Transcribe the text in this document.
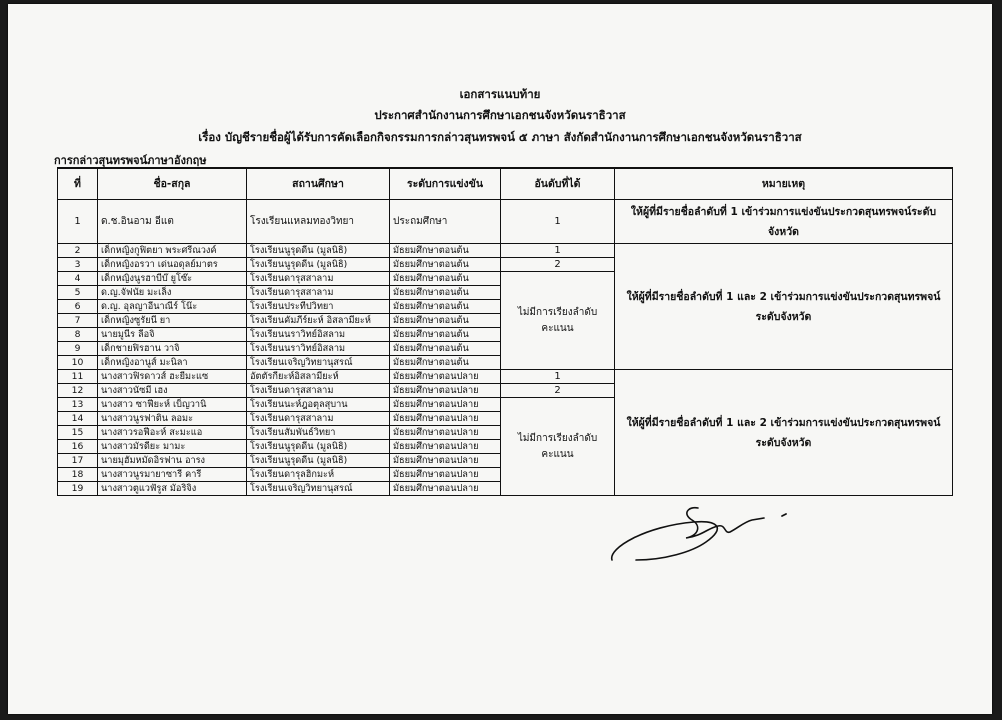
เอกสารแนบท้าย
ประกาศสำนักงานการศึกษาเอกชนจังหวัดนราธิวาส
เรื่อง บัญชีรายชื่อผู้ได้รับการคัดเลือกกิจกรรมการกล่าวสุนทรพจน์ ๕ ภาษา สังกัดสำนักงานการศึกษาเอกชนจังหวัดนราธิวาส
การกล่าวสุนทรพจน์ภาษาอังกฤษ
ที่	ชื่อ-สกุล	สถานศึกษา	ระดับการแข่งขัน	อันดับที่ได้	หมายเหตุ
1	ด.ช.อินอาม อีแต	โรงเรียนแหลมทองวิทยา	ประถมศึกษา	1	ให้ผู้ที่มีรายชื่อลำดับที่ 1 เข้าร่วมการแข่งขันประกวดสุนทรพจน์ระดับจังหวัด
2	เด็กหญิงกูฟิตยา พระศรีณวงค์	โรงเรียนนูรุดดีน (มูลนิธิ)	มัธยมศึกษาตอนต้น	1	ให้ผู้ที่มีรายชื่อลำดับที่ 1 และ 2 เข้าร่วมการแข่งขันประกวดสุนทรพจน์ระดับจังหวัด
3	เด็กหญิงอรวา เด่นอดุลย์มาตร	โรงเรียนนูรุดดีน (มูลนิธิ)	มัธยมศึกษาตอนต้น	2	
4	เด็กหญิงนูรฮาบีบ๊ ยูโซ๊ะ	โรงเรียนดารุสสาลาม	มัธยมศึกษาตอนต้น	ไม่มีการเรียงลำดับคะแนน	
5	ด.ญ.จัฟนัย มะเล็ง	โรงเรียนดารุสสาลาม	มัธยมศึกษาตอนต้น		
6	ด.ญ. อุลญาอีนาณีร์ โน๊ะ	โรงเรียนประทีปวิทยา	มัธยมศึกษาตอนต้น		
7	เด็กหญิงซูรัยนี ยา	โรงเรียนคัมภีร์ยะห์ อิสลามียะห์	มัธยมศึกษาตอนต้น		
8	นายมูนีร ลีอจิ	โรงเรียนนราวิทย์อิสลาม	มัธยมศึกษาตอนต้น		
9	เด็กชายฟิรฮาน วาจิ	โรงเรียนนราวิทย์อิสลาม	มัธยมศึกษาตอนต้น		
10	เด็กหญิงอานูส์ มะนิลา	โรงเรียนเจริญวิทยานุสรณ์	มัธยมศึกษาตอนต้น		
11	นางสาวฟิรดาวส์ ฮะยีมะแซ	อัตตัรกียะห์อิสลามียะห์	มัธยมศึกษาตอนปลาย	1	ให้ผู้ที่มีรายชื่อลำดับที่ 1 และ 2 เข้าร่วมการแข่งขันประกวดสุนทรพจน์ระดับจังหวัด
12	นางสาวนัซมี เฮง	โรงเรียนดารุสสาลาม	มัธยมศึกษาตอนปลาย	2	
13	นางสาว ซาฟียะห์ เบ็ญวานิ	โรงเรียนนะห์ฎอตุลสุบาน	มัธยมศึกษาตอนปลาย	ไม่มีการเรียงลำดับคะแนน	
14	นางสาวนูรฟาติน ลอมะ	โรงเรียนดารุสสาลาม	มัธยมศึกษาตอนปลาย		
15	นางสาวรอฟีอะห์ สะมะแอ	โรงเรียนสัมพันธ์วิทยา	มัธยมศึกษาตอนปลาย		
16	นางสาวมัรดียะ มามะ	โรงเรียนนูรุดดีน (มูลนิธิ)	มัธยมศึกษาตอนปลาย		
17	นายมุฮัมหมัดอิรฟาน อารง	โรงเรียนนูรุดดีน (มูลนิธิ)	มัธยมศึกษาตอนปลาย		
18	นางสาวนูรมายาซารี คารี	โรงเรียนดารุลฮิกมะห์	มัธยมศึกษาตอนปลาย		
19	นางสาวตูแวฟัรูส มัอริจิง	โรงเรียนเจริญวิทยานุสรณ์	มัธยมศึกษาตอนปลาย		
